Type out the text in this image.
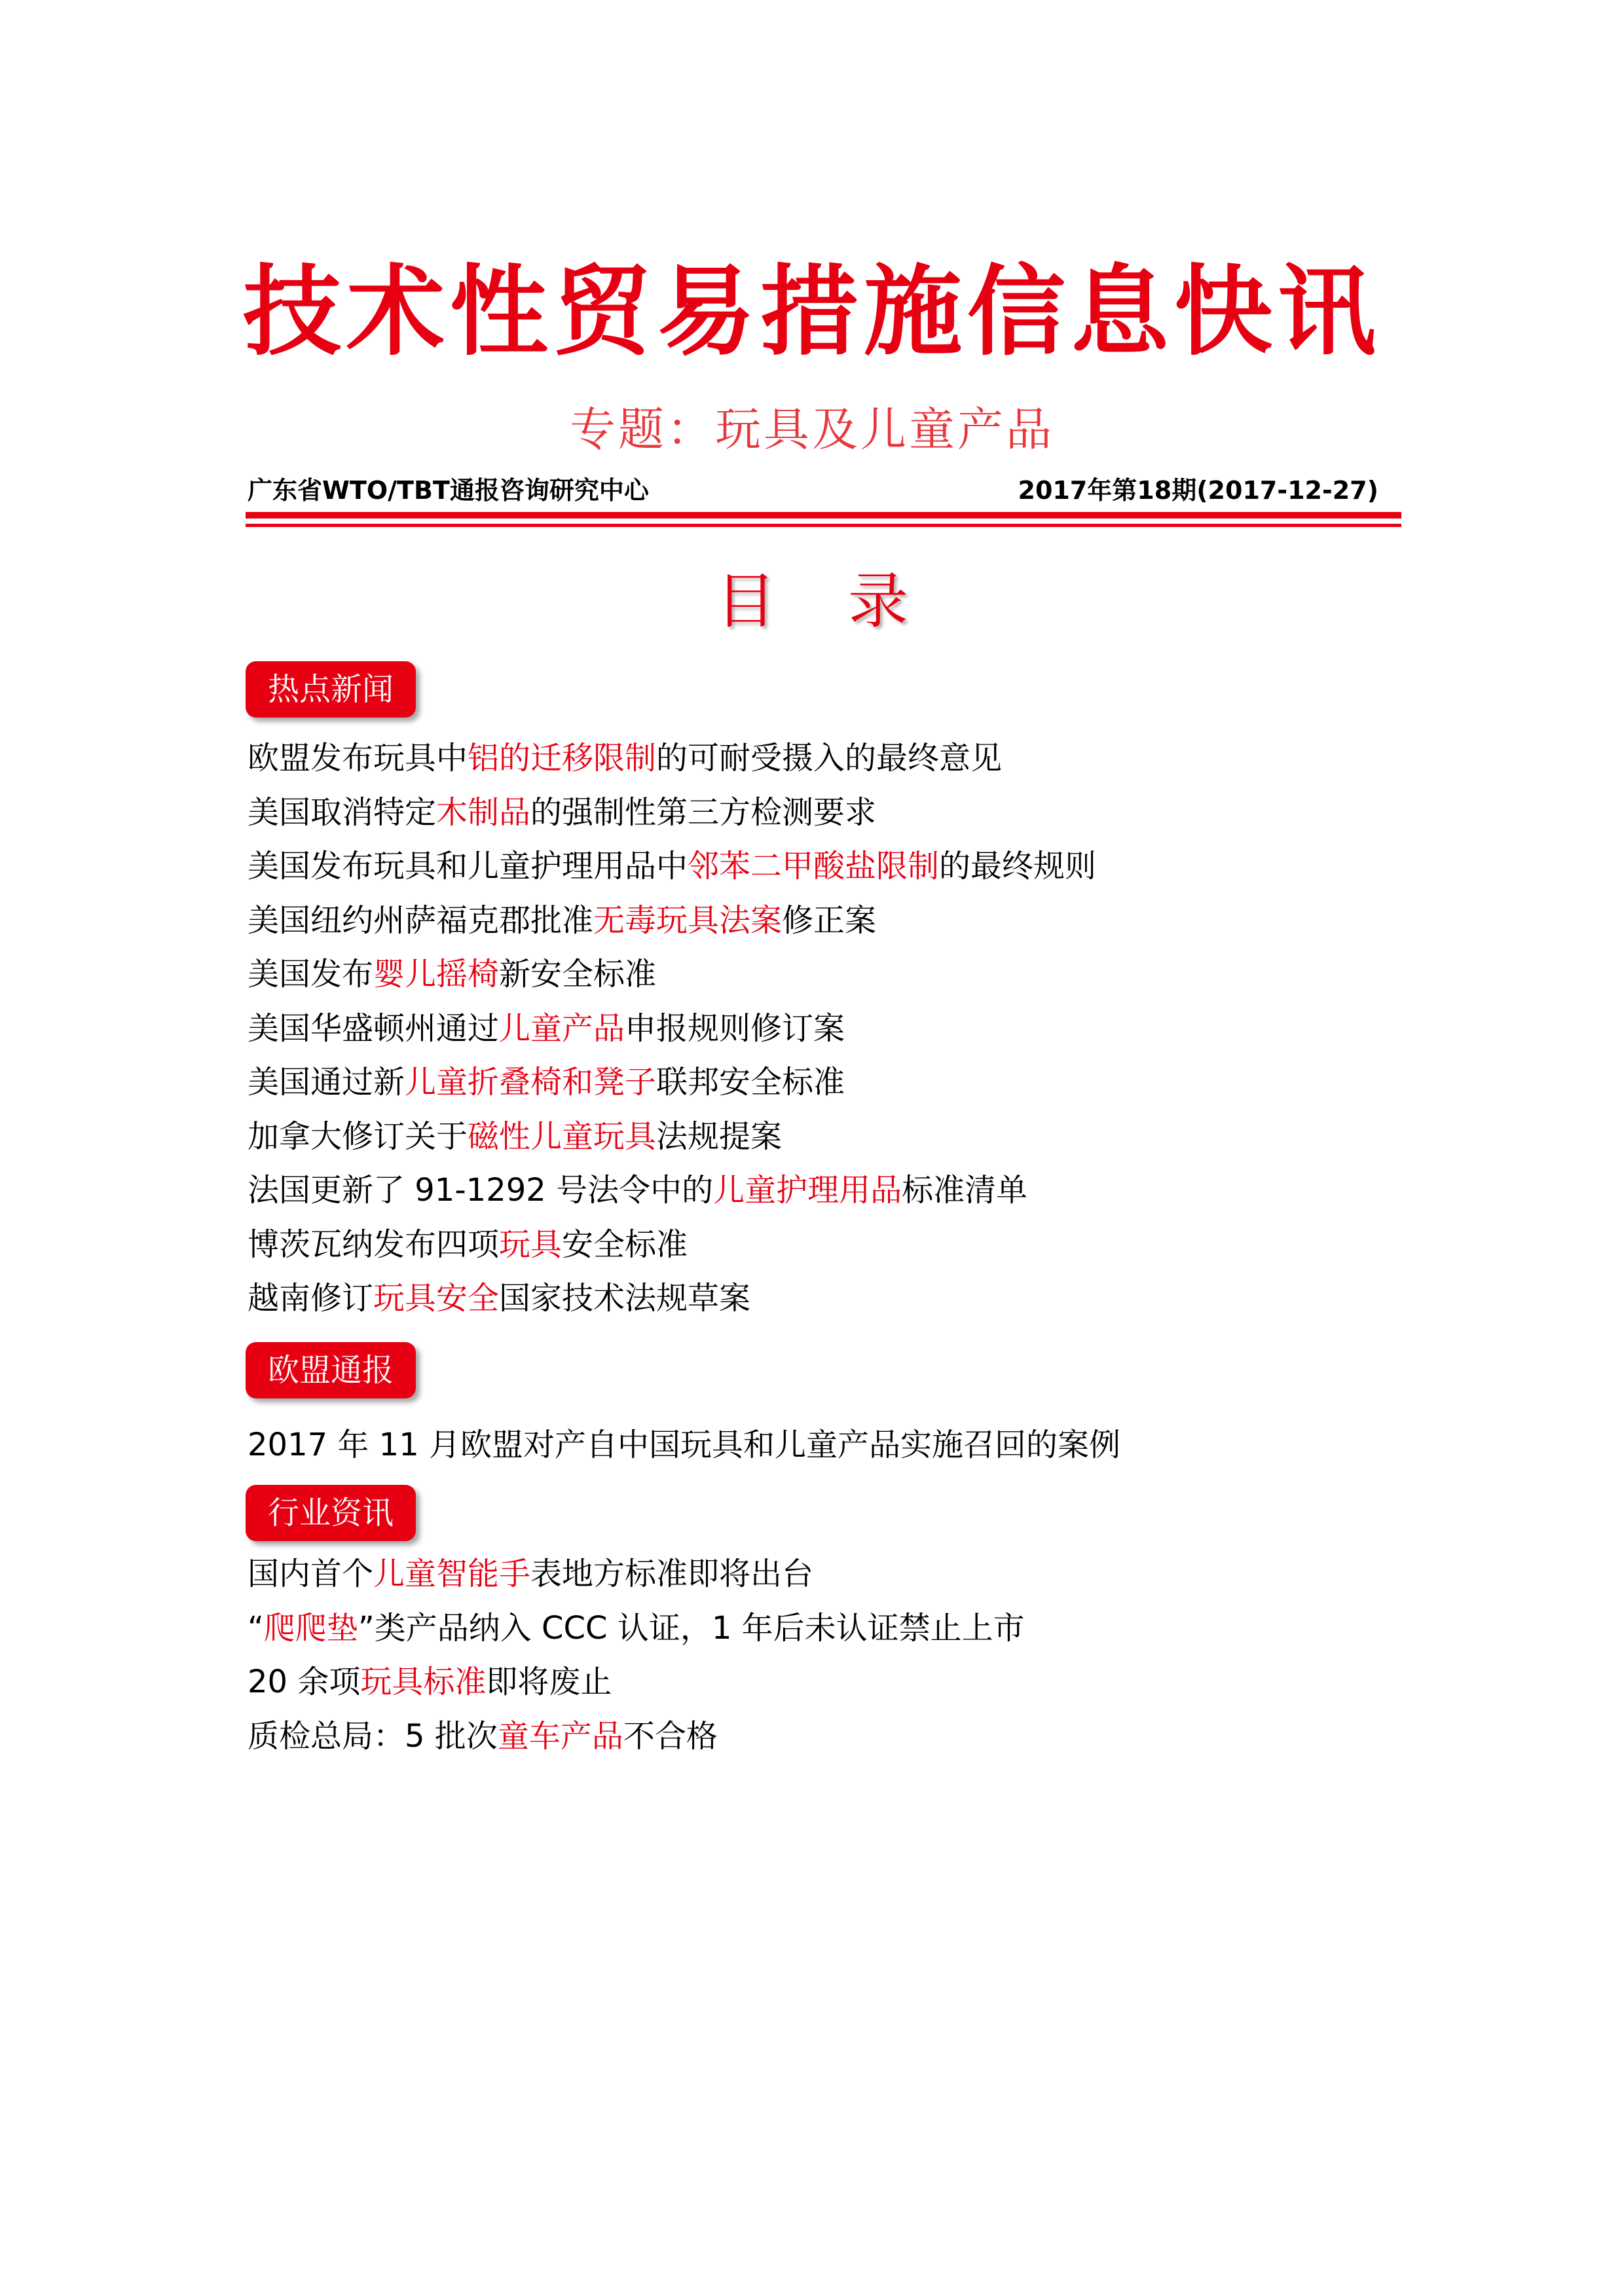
技术性贸易措施信息快讯
专题：玩具及儿童产品
广东省WTO/TBT通报咨询研究中心	2017年第18期(2017-12-27)
目录
热点新闻
欧盟发布玩具中铝的迁移限制的可耐受摄入的最终意见
美国取消特定木制品的强制性第三方检测要求
美国发布玩具和儿童护理用品中邻苯二甲酸盐限制的最终规则
美国纽约州萨福克郡批准无毒玩具法案修正案
美国发布婴儿摇椅新安全标准
美国华盛顿州通过儿童产品申报规则修订案
美国通过新儿童折叠椅和凳子联邦安全标准
加拿大修订关于磁性儿童玩具法规提案
法国更新了 91-1292 号法令中的儿童护理用品标准清单
博茨瓦纳发布四项玩具安全标准
越南修订玩具安全国家技术法规草案
欧盟通报
2017 年 11 月欧盟对产自中国玩具和儿童产品实施召回的案例
行业资讯
国内首个儿童智能手表地方标准即将出台
“爬爬垫”类产品纳入 CCC 认证，1 年后未认证禁止上市
20 余项玩具标准即将废止
质检总局：5 批次童车产品不合格
